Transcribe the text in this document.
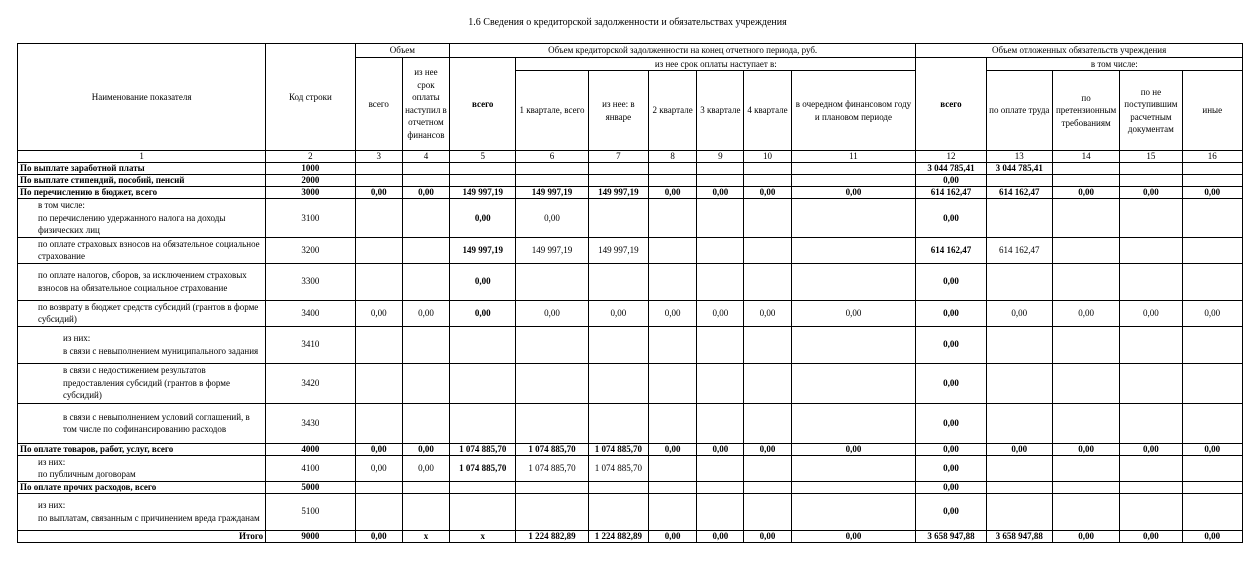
1.6 Сведения о кредиторской задолженности и обязательствах учреждения
Наименование показателя	Код строки	Объем		Объем кредиторской задолженности на конец отчетного периода, руб.							Объем отложенных обязательств учреждения				
		всего	из нее срок оплаты наступил в отчетном финансов	всего	из нее срок оплаты наступает в:						всего	в том числе:			
					1 квартале, всего	из нее: в январе	2 квартале	3 квартале	4 квартале	в очередном финансовом году и плановом периоде		по оплате труда	по претензионным требованиям	по не поступившим расчетным документам	иные
1	2	3	4	5	6	7	8	9	10	11	12	13	14	15	16
По выплате заработной платы	1000										3 044 785,41	3 044 785,41			
По выплате стипендий, пособий, пенсий	2000										0,00				
По перечислению в бюджет, всего	3000	0,00	0,00	149 997,19	149 997,19	149 997,19	0,00	0,00	0,00	0,00	614 162,47	614 162,47	0,00	0,00	0,00
в том числе:
по перечислению удержанного налога на доходы физических лиц	3100			0,00	0,00						0,00				
по оплате страховых взносов на обязательное социальное страхование	3200			149 997,19	149 997,19	149 997,19					614 162,47	614 162,47			
по оплате налогов, сборов, за исключением страховых взносов на обязательное социальное страхование	3300			0,00							0,00				
по возврату в бюджет средств субсидий (грантов в форме субсидий)	3400	0,00	0,00	0,00	0,00	0,00	0,00	0,00	0,00	0,00	0,00	0,00	0,00	0,00	0,00
из них:
в связи с невыполнением муниципального задания	3410										0,00				
в связи с недостижением результатов предоставления субсидий (грантов в форме субсидий)	3420										0,00				
в связи с невыполнением условий соглашений, в том числе по софинансированию расходов	3430										0,00				
По оплате товаров, работ, услуг, всего	4000	0,00	0,00	1 074 885,70	1 074 885,70	1 074 885,70	0,00	0,00	0,00	0,00	0,00	0,00	0,00	0,00	0,00
из них:
по публичным договорам	4100	0,00	0,00	1 074 885,70	1 074 885,70	1 074 885,70					0,00				
По оплате прочих расходов, всего	5000										0,00				
из них:
по выплатам, связанным с причинением вреда гражданам	5100										0,00				
Итого	9000	0,00	x	x	1 224 882,89	1 224 882,89	0,00	0,00	0,00	0,00	3 658 947,88	3 658 947,88	0,00	0,00	0,00
